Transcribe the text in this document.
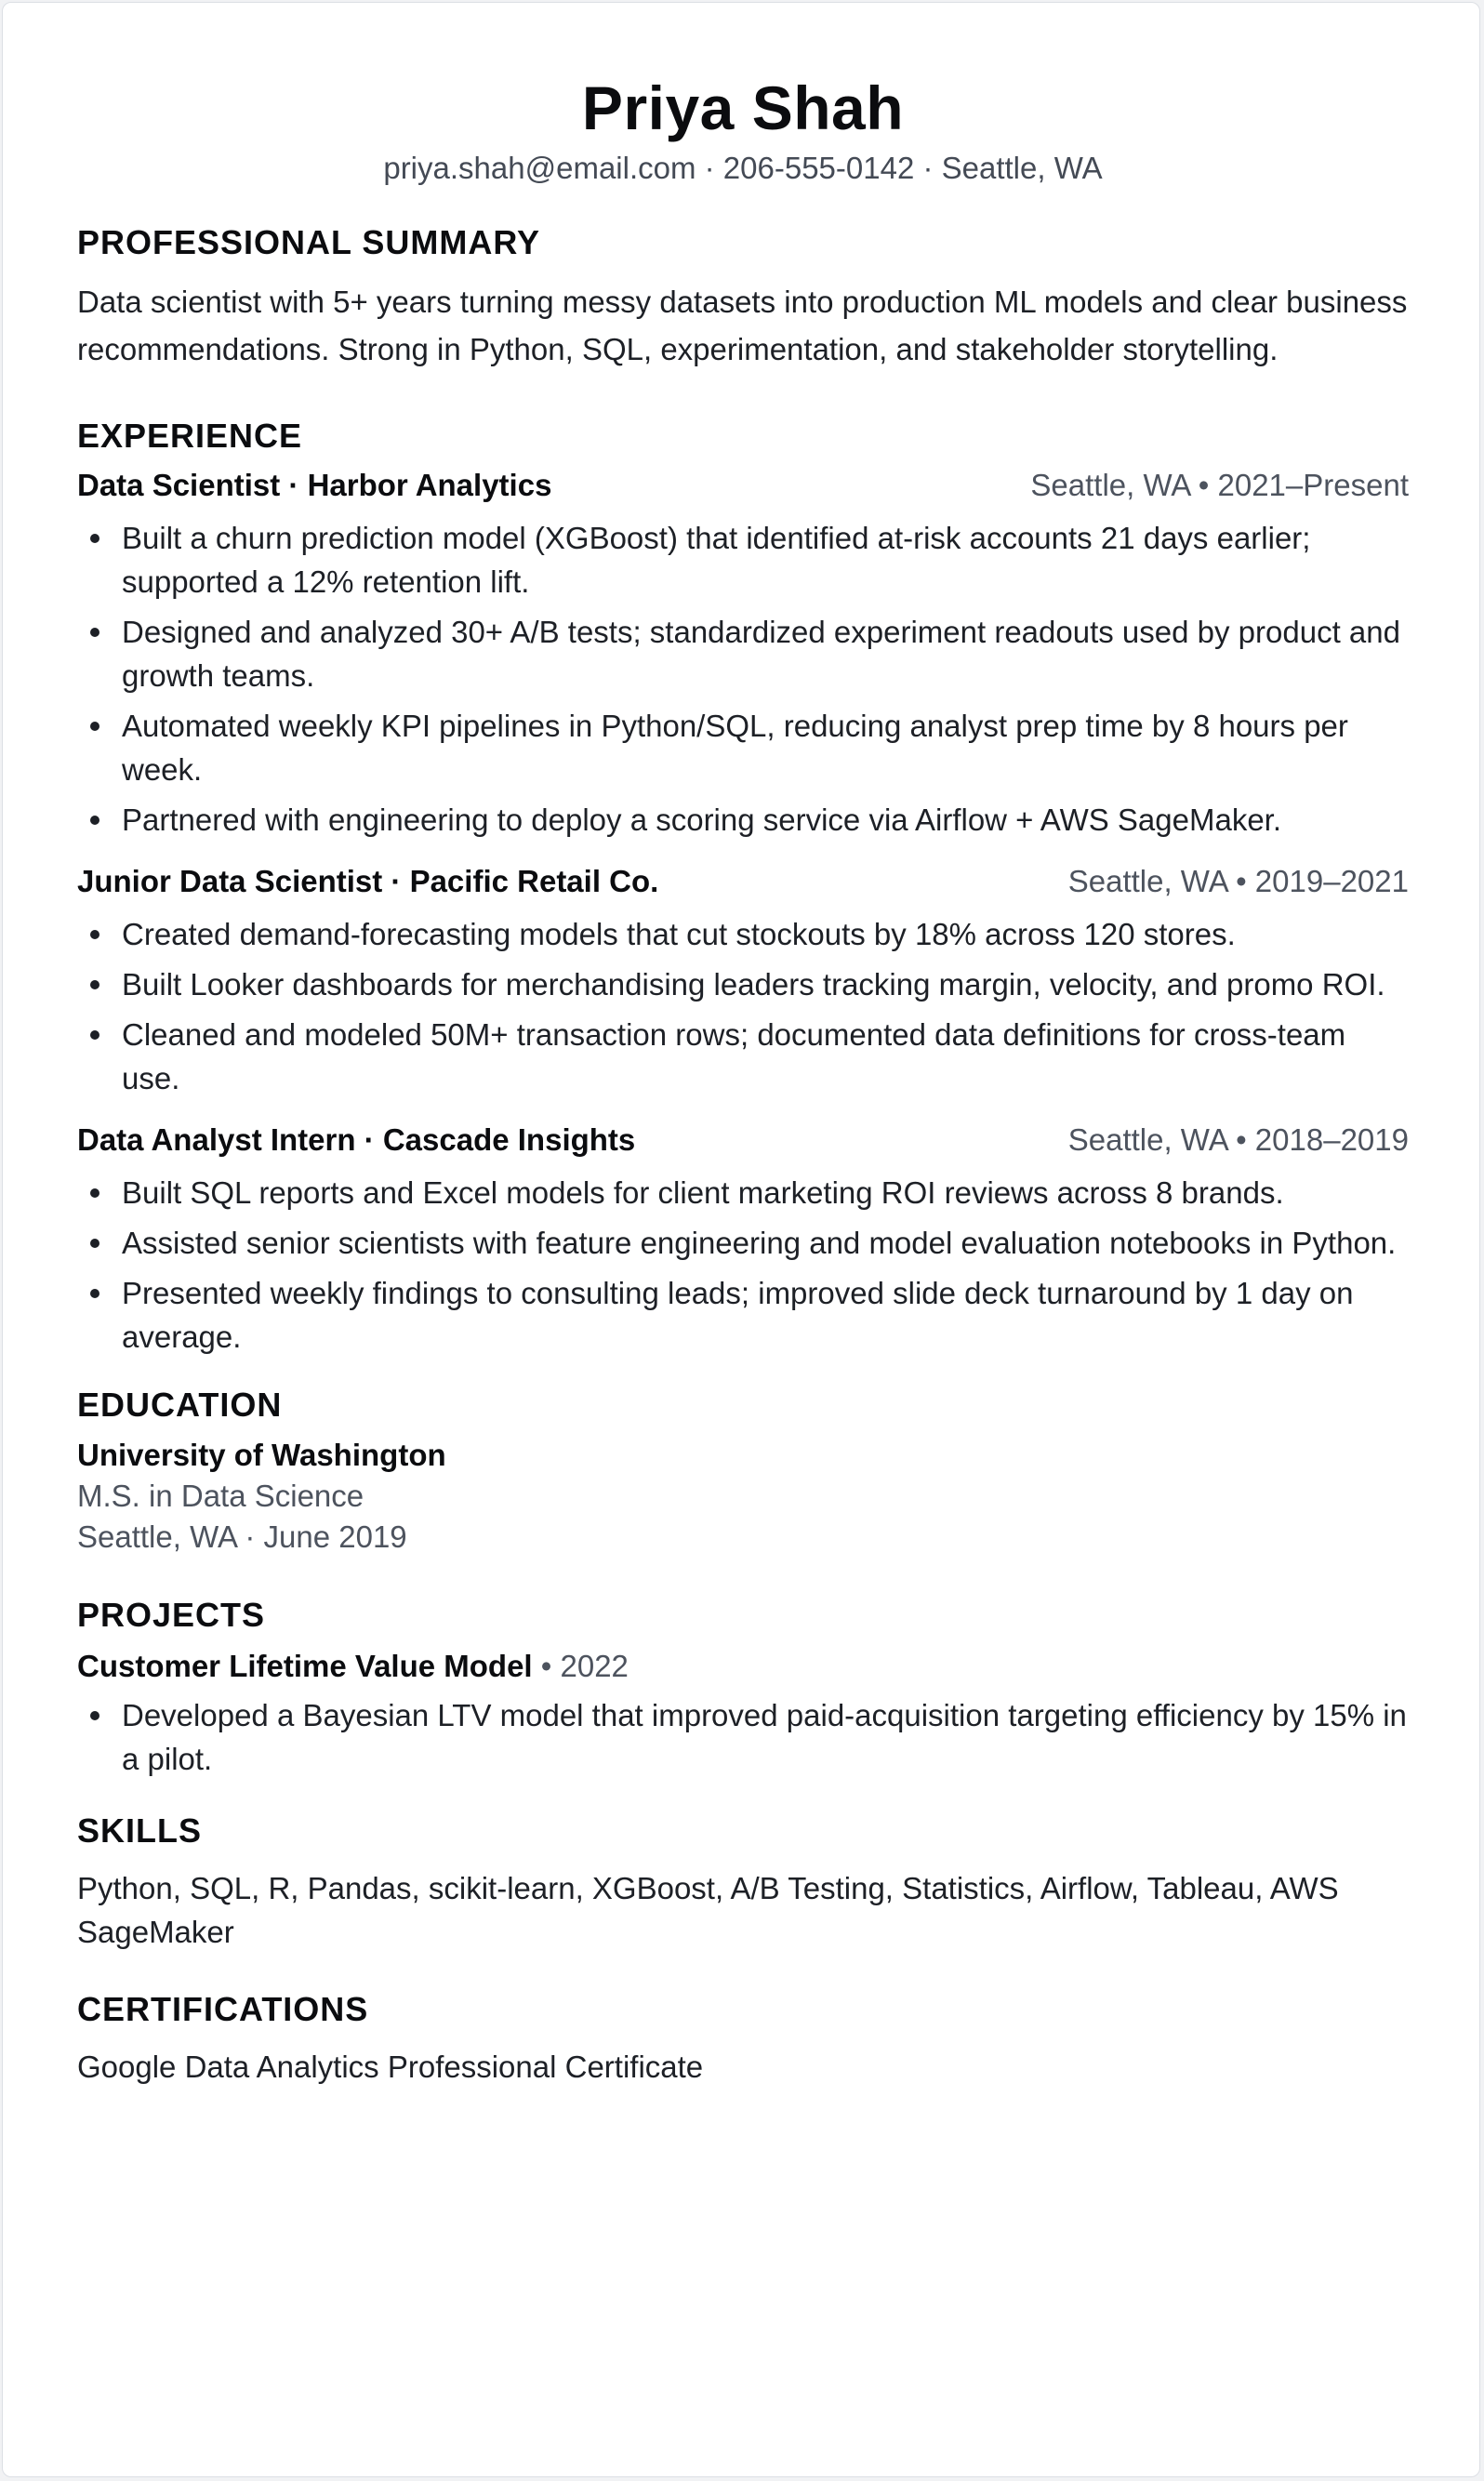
Priya Shah
priya.shah@email.com · 206-555-0142 · Seattle, WA
PROFESSIONAL SUMMARY

Data scientist with 5+ years turning messy datasets into production ML models and clear business recommendations. Strong in Python, SQL, experimentation, and stakeholder storytelling.

EXPERIENCE
Data Scientist · Harbor Analytics	Seattle, WA • 2021–Present
Built a churn prediction model (XGBoost) that identified at-risk accounts 21 days earlier; supported a 12% retention lift.
Designed and analyzed 30+ A/B tests; standardized experiment readouts used by product and growth teams.
Automated weekly KPI pipelines in Python/SQL, reducing analyst prep time by 8 hours per week.
Partnered with engineering to deploy a scoring service via Airflow + AWS SageMaker.
Junior Data Scientist · Pacific Retail Co.	Seattle, WA • 2019–2021
Created demand-forecasting models that cut stockouts by 18% across 120 stores.
Built Looker dashboards for merchandising leaders tracking margin, velocity, and promo ROI.
Cleaned and modeled 50M+ transaction rows; documented data definitions for cross-team use.
Data Analyst Intern · Cascade Insights	Seattle, WA • 2018–2019
Built SQL reports and Excel models for client marketing ROI reviews across 8 brands.
Assisted senior scientists with feature engineering and model evaluation notebooks in Python.
Presented weekly findings to consulting leads; improved slide deck turnaround by 1 day on average.
EDUCATION
University of Washington
M.S. in Data Science
Seattle, WA · June 2019
PROJECTS
Customer Lifetime Value Model • 2022
Developed a Bayesian LTV model that improved paid-acquisition targeting efficiency by 15% in a pilot.
SKILLS

Python, SQL, R, Pandas, scikit-learn, XGBoost, A/B Testing, Statistics, Airflow, Tableau, AWS SageMaker

CERTIFICATIONS

Google Data Analytics Professional Certificate
